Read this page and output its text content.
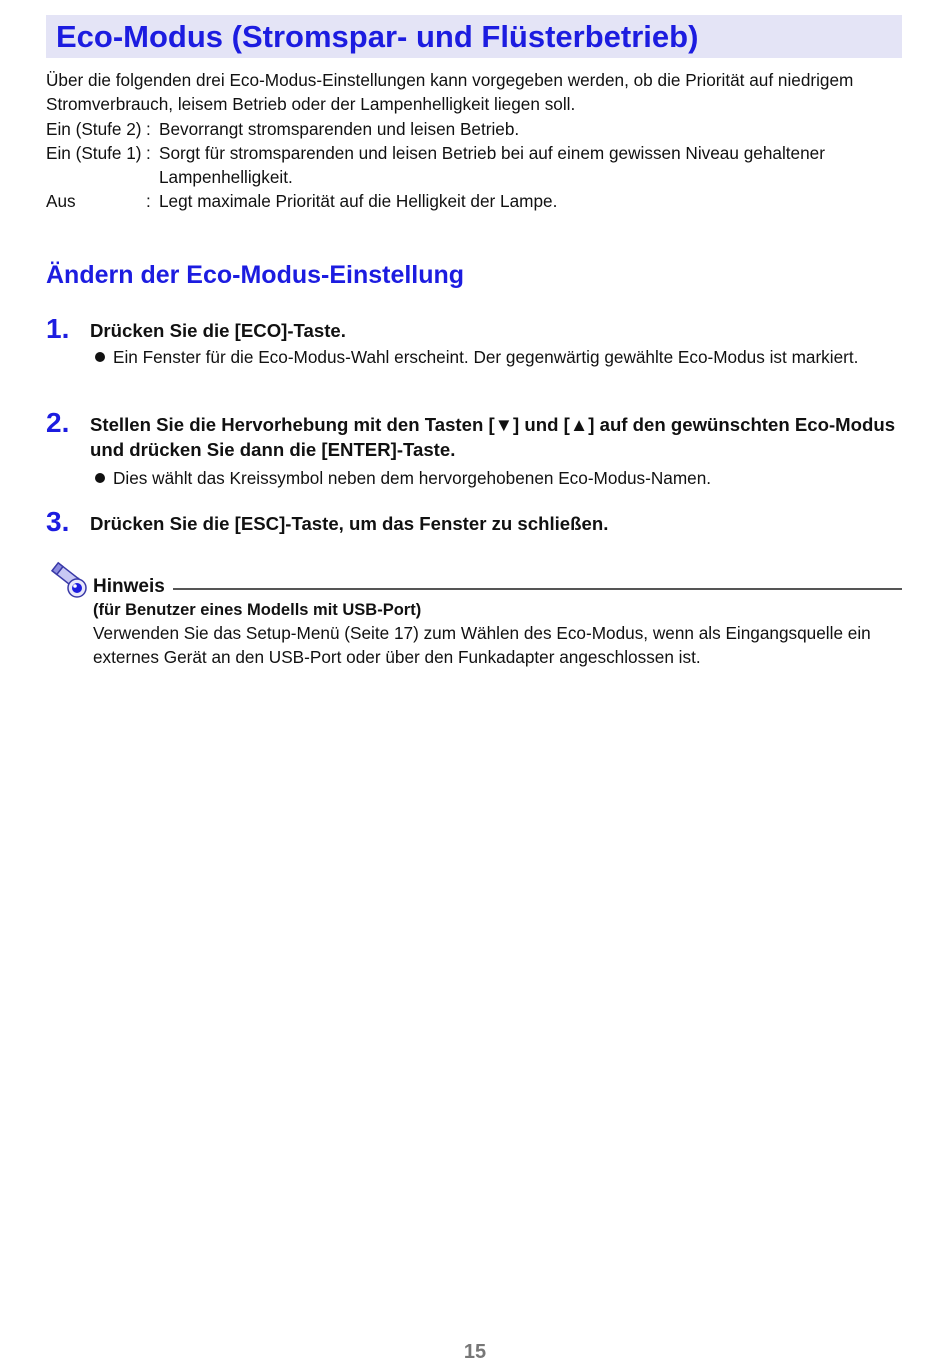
Eco-Modus (Stromspar- und Flüsterbetrieb)

Über die folgenden drei Eco-Modus-Einstellungen kann vorgegeben werden, ob die Priorität auf niedrigem Stromverbrauch, leisem Betrieb oder der Lampenhelligkeit liegen soll.

Ein (Stufe 2) : Bevorrangt stromsparenden und leisen Betrieb.
Ein (Stufe 1) : Sorgt für stromsparenden und leisen Betrieb bei auf einem gewissen Niveau gehaltener Lampenhelligkeit.
Aus	: Legt maximale Priorität auf die Helligkeit der Lampe.
Ändern der Eco-Modus-Einstellung
1. Drücken Sie die [ECO]-Taste.

Ein Fenster für die Eco-Modus-Wahl erscheint. Der gegenwärtig gewählte Eco-Modus ist markiert.
2. Stellen Sie die Hervorhebung mit den Tasten [▼] und [▲] auf den gewünschten Eco-Modus und drücken Sie dann die [ENTER]-Taste.

Dies wählt das Kreissymbol neben dem hervorgehobenen Eco-Modus-Namen.
3. Drücken Sie die [ESC]-Taste, um das Fenster zu schließen.

Hinweis

(für Benutzer eines Modells mit USB-Port)

Verwenden Sie das Setup-Menü (Seite 17) zum Wählen des Eco-Modus, wenn als Eingangsquelle ein externes Gerät an den USB-Port oder über den Funkadapter angeschlossen ist.

15
